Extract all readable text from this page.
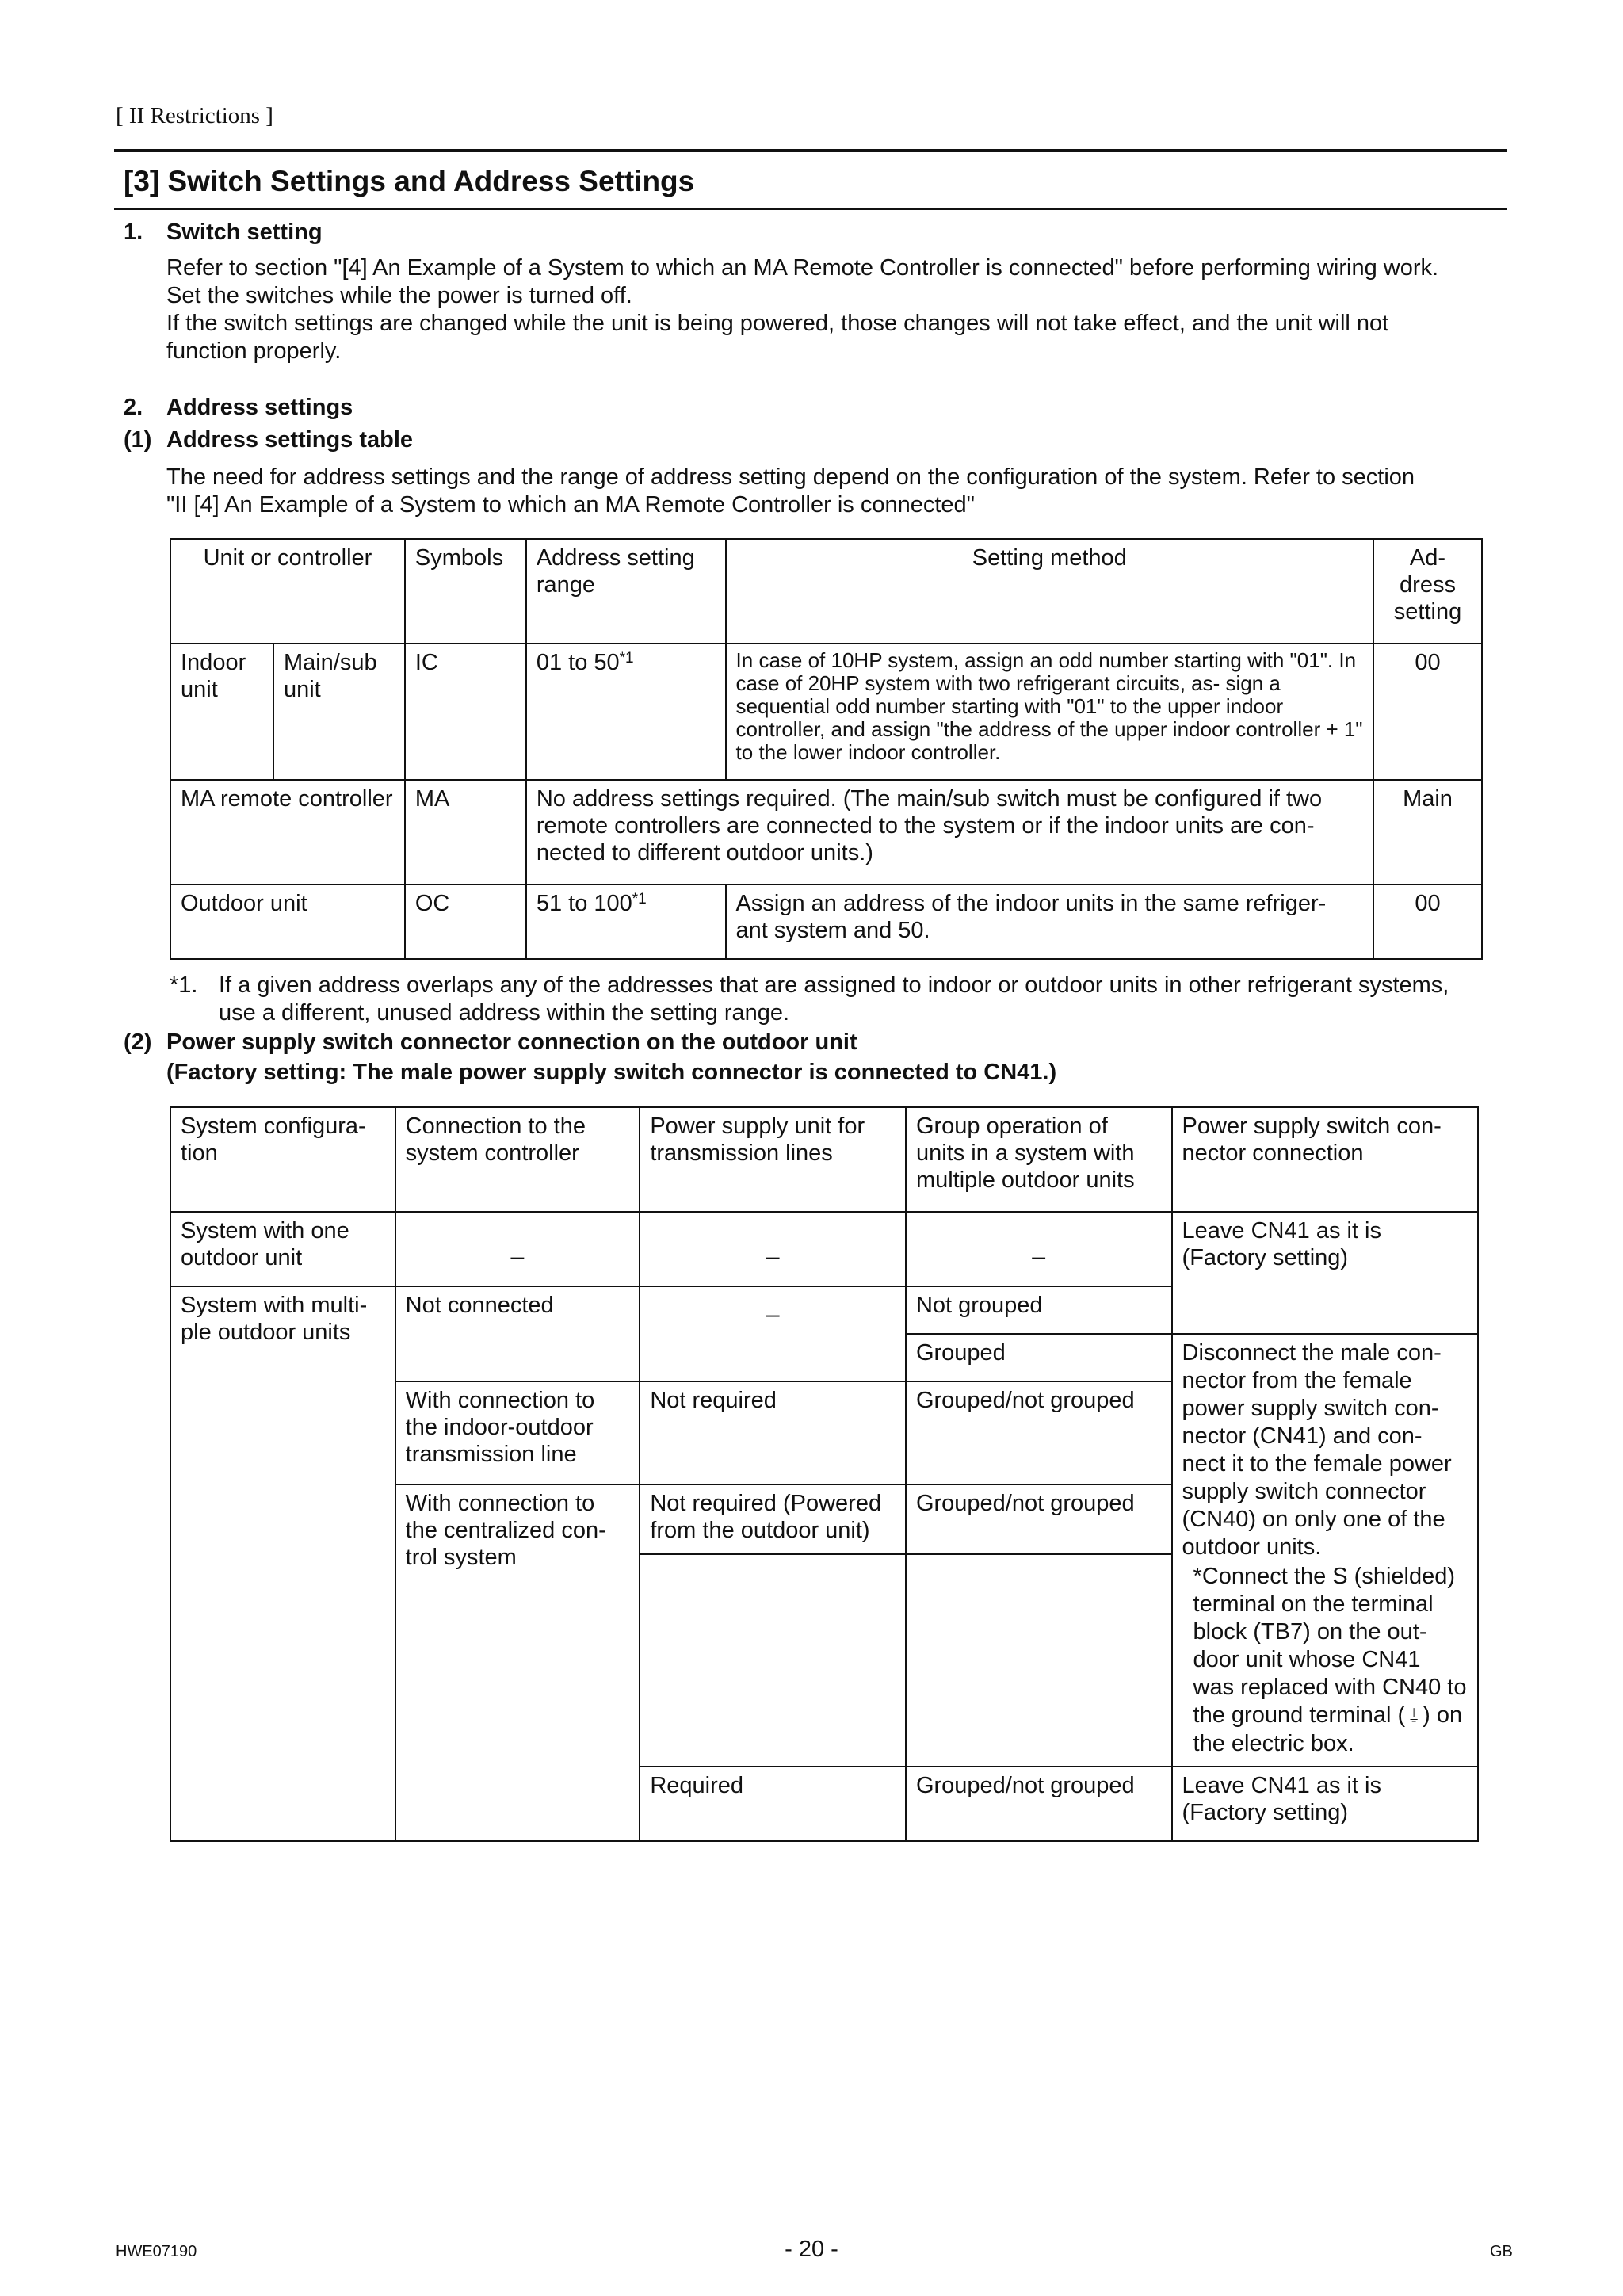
[ II Restrictions ]
[3] Switch Settings and Address Settings
1. Switch setting
Refer to section "[4] An Example of a System to which an MA Remote Controller is connected" before performing wiring work.
Set the switches while the power is turned off.
If the switch settings are changed while the unit is being powered, those changes will not take effect, and the unit will not
function properly.
2. Address settings
(1) Address settings table
The need for address settings and the range of address setting depend on the configuration of the system. Refer to section
"II [4] An Example of a System to which an MA Remote Controller is connected"
Unit or controller		Symbols	Address setting range	Setting method	Ad- dress setting
Indoor unit	Main/sub unit	IC	01 to 50$^{*1}$	In case of 10HP system, assign an odd number starting with "01". In case of 20HP system with two refrigerant circuits, as- sign a sequential odd number starting with "01" to the upper indoor controller, and assign "the address of the upper indoor controller + 1" to the lower indoor controller.	00
MA remote controller		MA	No address settings required. (The main/sub switch must be configured if two remote controllers are connected to the system or if the indoor units are con- nected to different outdoor units.)		Main
Outdoor unit		OC	51 to 100$^{*1}$	Assign an address of the indoor units in the same refriger- ant system and 50.	00
*1. If a given address overlaps any of the addresses that are assigned to indoor or outdoor units in other refrigerant systems,
use a different, unused address within the setting range.
(2) Power supply switch connector connection on the outdoor unit
(Factory setting: The male power supply switch connector is connected to CN41.)
System configura- tion	Connection to the system controller	Power supply unit for transmission lines	Group operation of units in a system with multiple outdoor units	Power supply switch con- nector connection
System with one outdoor unit	_	_	_	Leave CN41 as it is (Factory setting)
System with multi- ple outdoor units	Not connected	_	Not grouped	
			Grouped	Disconnect the male con- nector from the female power supply switch con- nector (CN41) and con- nect it to the female power supply switch connector (CN40) on only one of the outdoor units.
*Connect the S (shielded) terminal on the terminal block (TB7) on the out- door unit whose CN41 was replaced with CN40 to the ground terminal (⏚) on the electric box.

	With connection to the indoor-outdoor transmission line	Not required	Grouped/not grouped	
	With connection to the centralized con- trol system	Not required (Powered from the outdoor unit)	Grouped/not grouped	

		Required	Grouped/not grouped	Leave CN41 as it is (Factory setting)
HWE07190	- 20 -	GB
